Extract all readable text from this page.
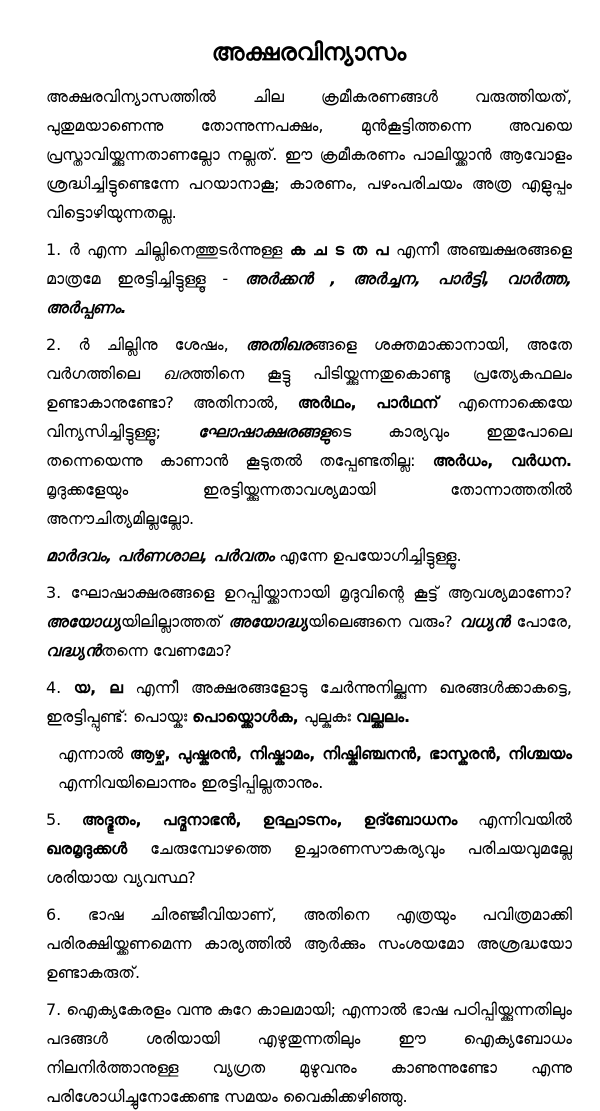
അക്ഷരവിന്യാസം

അക്ഷരവിന്യാസത്തിൽ ചില ക്രമീകരണങ്ങൾ വരുത്തിയത്, പുതുമയാണെന്നു തോന്നുന്നപക്ഷം, മുൻകൂട്ടിത്തന്നെ അവയെ പ്രസ്താവിയ്ക്കുന്നതാണല്ലോ നല്ലത്. ഈ ക്രമീകരണം പാലിയ്ക്കാൻ ആവോളം ശ്രദ്ധിച്ചിട്ടുണ്ടെന്നേ പറയാനാകൂ; കാരണം, പഴംപരിചയം അത്ര എളുപ്പം വിട്ടൊഴിയുന്നതല്ല.

1. ർ എന്ന ചില്ലിനെത്തുടർന്നുള്ള ക ച ട ത പ എന്നീ അഞ്ചക്ഷരങ്ങളെ മാത്രമേ ഇരട്ടിച്ചിട്ടുള്ളൂ - അർക്കൻ , അർച്ചന, പാർട്ടി, വാർത്ത, അർപ്പണം.

2. ർ ചില്ലിനു ശേഷം, അതിഖരങ്ങളെ ശക്തമാക്കാനായി, അതേ വർഗത്തിലെ ഖരത്തിനെ കൂട്ടു പിടിയ്ക്കുന്നതുകൊണ്ടു പ്രത്യേകഫലം ഉണ്ടാകാനുണ്ടോ? അതിനാൽ, അർഥം, പാർഥന് എന്നൊക്കെയേ വിന്യസിച്ചിട്ടുള്ളൂ; ഘോഷാക്ഷരങ്ങളുടെ കാര്യവും ഇതുപോലെ തന്നെയെന്നു കാണാൻ കൂടുതൽ തപ്പേണ്ടതില്ല: അർധം, വർധന. മൃദുക്കളേയും ഇരട്ടിയ്ക്കുന്നതാവശ്യമായി തോന്നാത്തതിൽ അനൗചിത്യമില്ലല്ലോ.

മാർദവം, പർണശാല, പർവതം എന്നേ ഉപയോഗിച്ചിട്ടുള്ളൂ.

3. ഘോഷാക്ഷരങ്ങളെ ഉറപ്പിയ്ക്കാനായി മൃദുവിന്റെ കൂട്ട് ആവശ്യമാണോ? അയോധ്യയിലില്ലാത്തത് അയോദ്ധ്യയിലെങ്ങനെ വരും? വധ്യൻ പോരേ, വദ്ധ്യൻതന്നെ വേണമോ?

4. യ, ല എന്നീ അക്ഷരങ്ങളോടു ചേർന്നുനില്ക്കുന്ന ഖരങ്ങൾക്കാകട്ടെ, ഇരട്ടിപ്പുണ്ട്: പൊയ്കഃ പൊയ്ക്കൊൾക, പുല്കുകഃ വല്ക്കലം.

എന്നാൽ ആഴ്ച, പുഷ്കരൻ, നിഷ്കാമം, നിഷ്കിഞ്ചനൻ, ഭാസ്കരൻ, നിശ്ചയം എന്നിവയിലൊന്നും ഇരട്ടിപ്പില്ലതാനും.

5. അദ്ഭുതം, പദ്മനാഭൻ, ഉദ്ഘാടനം, ഉദ്ബോധനം എന്നിവയിൽ ഖരമൃദുക്കൾ ചേരുമ്പോഴത്തെ ഉച്ചാരണസൗകര്യവും പരിചയവുമല്ലേ ശരിയായ വ്യവസ്ഥ?

6. ഭാഷ ചിരഞ്ജീവിയാണ്, അതിനെ എത്രയും പവിത്രമാക്കി പരിരക്ഷിയ്ക്കണമെന്ന കാര്യത്തിൽ ആർക്കും സംശയമോ അശ്രദ്ധയോ ഉണ്ടാകരുത്.

7. ഐക്യകേരളം വന്നു കുറേ കാലമായി; എന്നാൽ ഭാഷ പഠിപ്പിയ്ക്കുന്നതിലും പദങ്ങൾ ശരിയായി എഴുതുന്നതിലും ഈ ഐക്യബോധം നിലനിർത്താനുള്ള വ്യഗ്രത മുഴുവനും കാണുന്നുണ്ടോ എന്നു പരിശോധിച്ചുനോക്കേണ്ട സമയം വൈകിക്കഴിഞ്ഞു.
